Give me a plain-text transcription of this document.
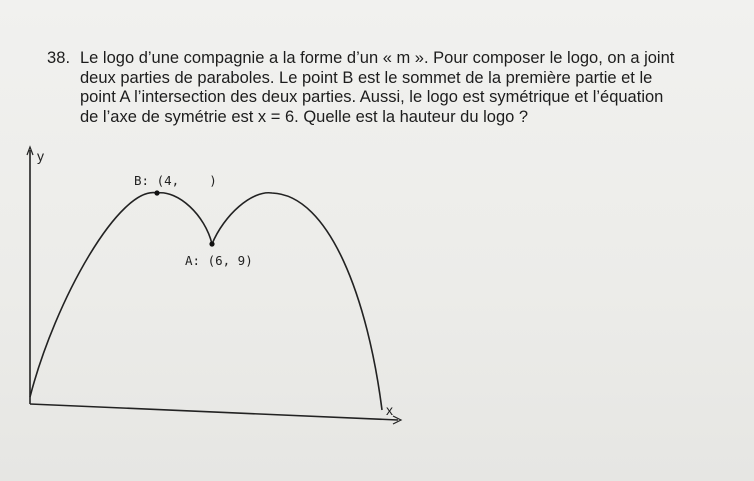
38. Le logo d’une compagnie a la forme d’un « m ». Pour composer le logo, on a joint
deux parties de paraboles. Le point B est le sommet de la première partie et le
point A l’intersection des deux parties. Aussi, le logo est symétrique et l’équation
de l’axe de symétrie est x = 6. Quelle est la hauteur du logo ?
y
x
B: (4,    )
A: (6, 9)
